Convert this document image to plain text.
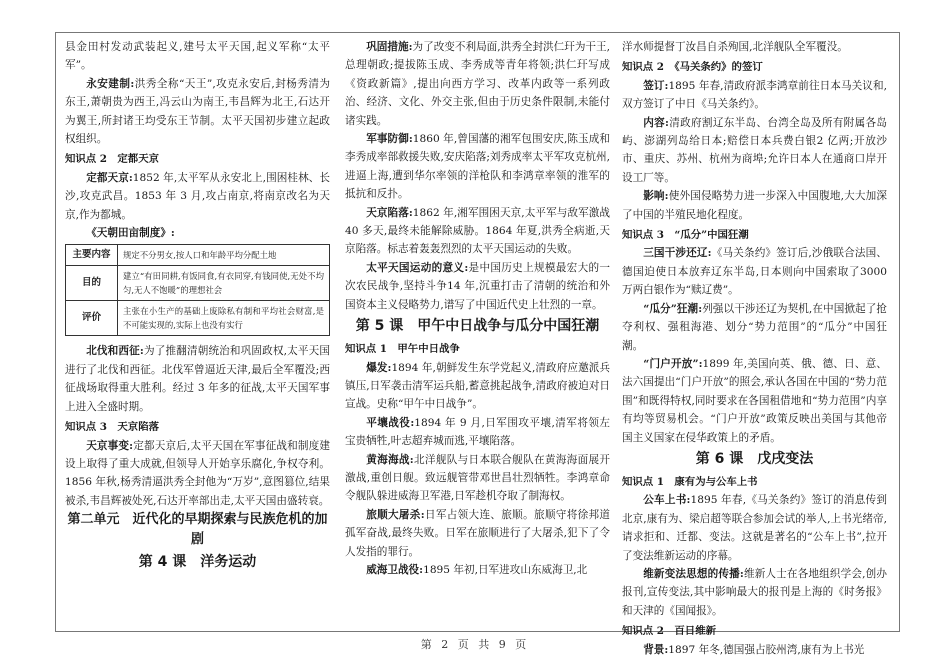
县金田村发动武装起义,建号太平天国,起义军称“太平军”。
永安建制:洪秀全称“天王”,攻克永安后,封杨秀清为东王,萧朝贵为西王,冯云山为南王,韦昌辉为北王,石达开为翼王,所封诸王均受东王节制。太平天国初步建立起政权组织。
知识点 2　定都天京
定都天京:1852 年,太平军从永安北上,围困桂林、长沙,攻克武昌。1853 年 3 月,攻占南京,将南京改名为天京,作为都城。
《天朝田亩制度》:
主要内容	规定不分男女,按人口和年龄平均分配土地
目的
建立“有田同耕,有饭同食,有衣同穿,有钱同使,无处不均匀,无人不饱暖”的理想社会
评价
主张在小生产的基础上废除私有制和平均社会财富,是不可能实现的,实际上也没有实行
北伐和西征:为了推翻清朝统治和巩固政权,太平天国进行了北伐和西征。北伐军曾逼近天津,最后全军覆没;西征战场取得重大胜利。经过 3 年多的征战,太平天国军事上进入全盛时期。
知识点 3　天京陷落
天京事变:定都天京后,太平天国在军事征战和制度建设上取得了重大成就,但领导人开始享乐腐化,争权夺利。1856 年秋,杨秀清逼洪秀全封他为“万岁”,意图篡位,结果被杀,韦昌辉被处死,石达开率部出走,太平天国由盛转衰。
第二单元　近代化的早期探索与民族危机的加剧
第 4 课　洋务运动
巩固措施:为了改变不利局面,洪秀全封洪仁玕为干王,总理朝政;提拔陈玉成、李秀成等青年将领;洪仁玕写成《资政新篇》,提出向西方学习、改革内政等一系列政治、经济、文化、外交主张,但由于历史条件限制,未能付诸实践。
军事防御:1860 年,曾国藩的湘军包围安庆,陈玉成和李秀成率部救援失败,安庆陷落;刘秀成率太平军攻克杭州,进逼上海,遭到华尔率领的洋枪队和李鸿章率领的淮军的抵抗和反扑。
天京陷落:1862 年,湘军围困天京,太平军与敌军激战 40 多天,最终未能解除威胁。1864 年夏,洪秀全病逝,天京陷落。标志着轰轰烈烈的太平天国运动的失败。
太平天国运动的意义:是中国历史上规模最宏大的一次农民战争,坚持斗争14 年,沉重打击了清朝的统治和外国资本主义侵略势力,谱写了中国近代史上壮烈的一章。
第 5 课　甲午中日战争与瓜分中国狂潮
知识点 1　甲午中日战争
爆发:1894 年,朝鲜发生东学党起义,清政府应邀派兵镇压,日军袭击清军运兵船,蓄意挑起战争,清政府被迫对日宣战。史称“甲午中日战争”。
平壤战役:1894 年 9 月,日军围攻平壤,清军将领左宝贵牺牲,叶志超弃城而逃,平壤陷落。
黄海海战:北洋舰队与日本联合舰队在黄海海面展开激战,重创日舰。致远舰管带邓世昌壮烈牺牲。李鸿章命令舰队躲进威海卫军港,日军趁机夺取了制海权。
旅顺大屠杀:日军占领大连、旅顺。旅顺守将徐邦道孤军奋战,最终失败。日军在旅顺进行了大屠杀,犯下了令人发指的罪行。
威海卫战役:1895 年初,日军进攻山东威海卫,北
洋水师提督丁汝昌自杀殉国,北洋舰队全军覆没。
知识点 2　《马关条约》的签订
签订:1895 年春,清政府派李鸿章前往日本马关议和,双方签订了中日《马关条约》。
内容:清政府割辽东半岛、台湾全岛及所有附属各岛屿、澎湖列岛给日本;赔偿日本兵费白银2 亿两;开放沙市、重庆、苏州、杭州为商埠;允许日本人在通商口岸开设工厂等。
影响:使外国侵略势力进一步深入中国腹地,大大加深了中国的半殖民地化程度。
知识点 3　“瓜分”中国狂潮
三国干涉还辽:《马关条约》签订后,沙俄联合法国、德国迫使日本放弃辽东半岛,日本则向中国索取了3000 万两白银作为“赎辽费”。
“瓜分”狂潮:列强以干涉还辽为契机,在中国掀起了抢夺利权、强租海港、划分“势力范围”的“瓜分”中国狂潮。
“门户开放”:1899 年,美国向英、俄、德、日、意、法六国提出“门户开放”的照会,承认各国在中国的“势力范围”和既得特权,同时要求在各国租借地和“势力范围”内享有均等贸易机会。“门户开放”政策反映出美国与其他帝国主义国家在侵华政策上的矛盾。
第 6 课　戊戌变法
知识点 1　康有为与公车上书
公车上书:1895 年春,《马关条约》签订的消息传到北京,康有为、梁启超等联合参加会试的举人,上书光绪帝,请求拒和、迁都、变法。这就是著名的“公车上书”,拉开了变法维新运动的序幕。
维新变法思想的传播:维新人士在各地组织学会,创办报刊,宣传变法,其中影响最大的报刊是上海的《时务报》和天津的《国闻报》。
知识点 2　百日维新
背景:1897 年冬,德国强占胶州湾,康有为上书光
第 2 页 共 9 页
